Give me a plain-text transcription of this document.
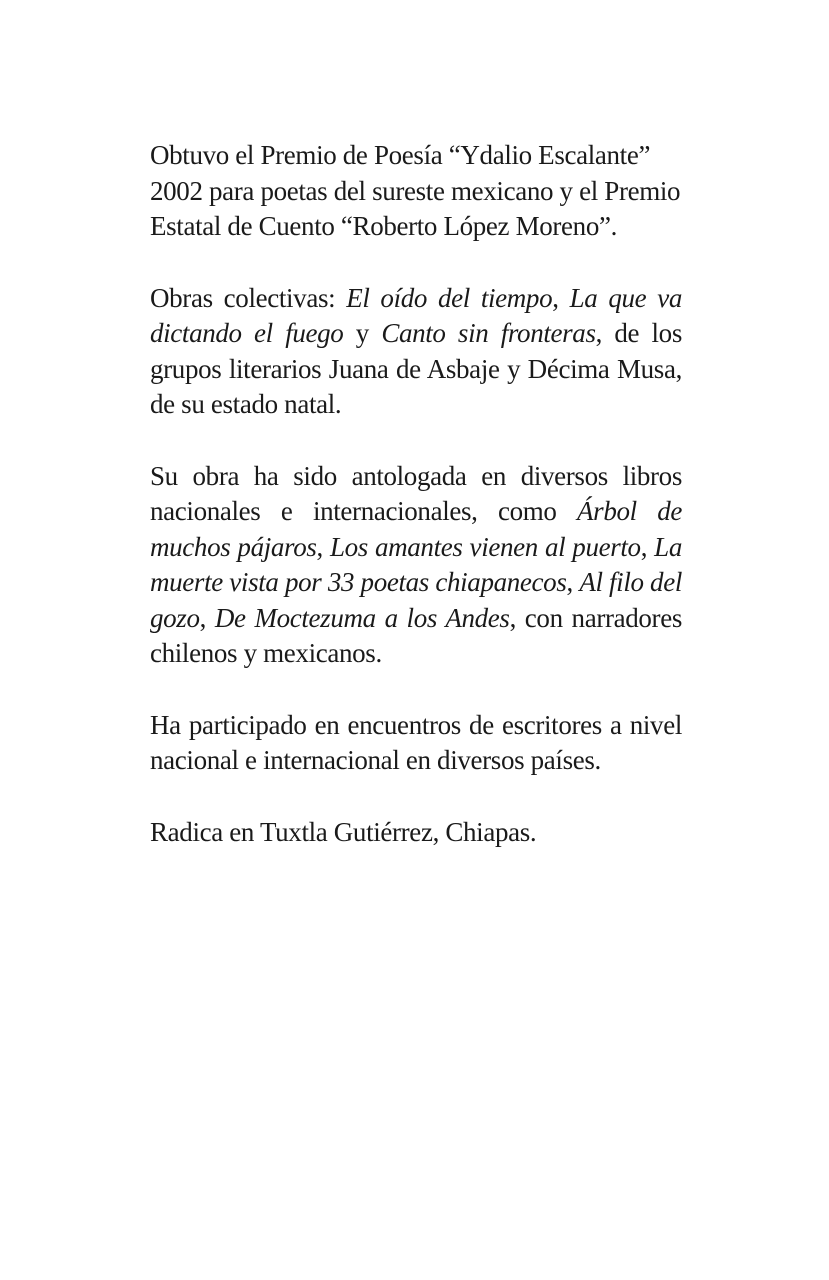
Obtuvo el Premio de Poesía “Ydalio Escalante” 2002 para poetas del sureste mexicano y el Premio Estatal de Cuento “Roberto López Moreno”.

Obras colectivas: El oído del tiempo, La que va dictando el fuego y Canto sin fronteras, de los grupos literarios Juana de Asbaje y Décima Musa, de su estado natal.

Su obra ha sido antologada en diversos libros nacionales e internacionales, como Árbol de muchos pájaros, Los amantes vienen al puerto, La muerte vista por 33 poetas chiapanecos, Al filo del gozo, De Moctezuma a los Andes, con narradores chilenos y mexicanos.

Ha participado en encuentros de escritores a nivel nacional e internacional en diversos países.

Radica en Tuxtla Gutiérrez, Chiapas.
